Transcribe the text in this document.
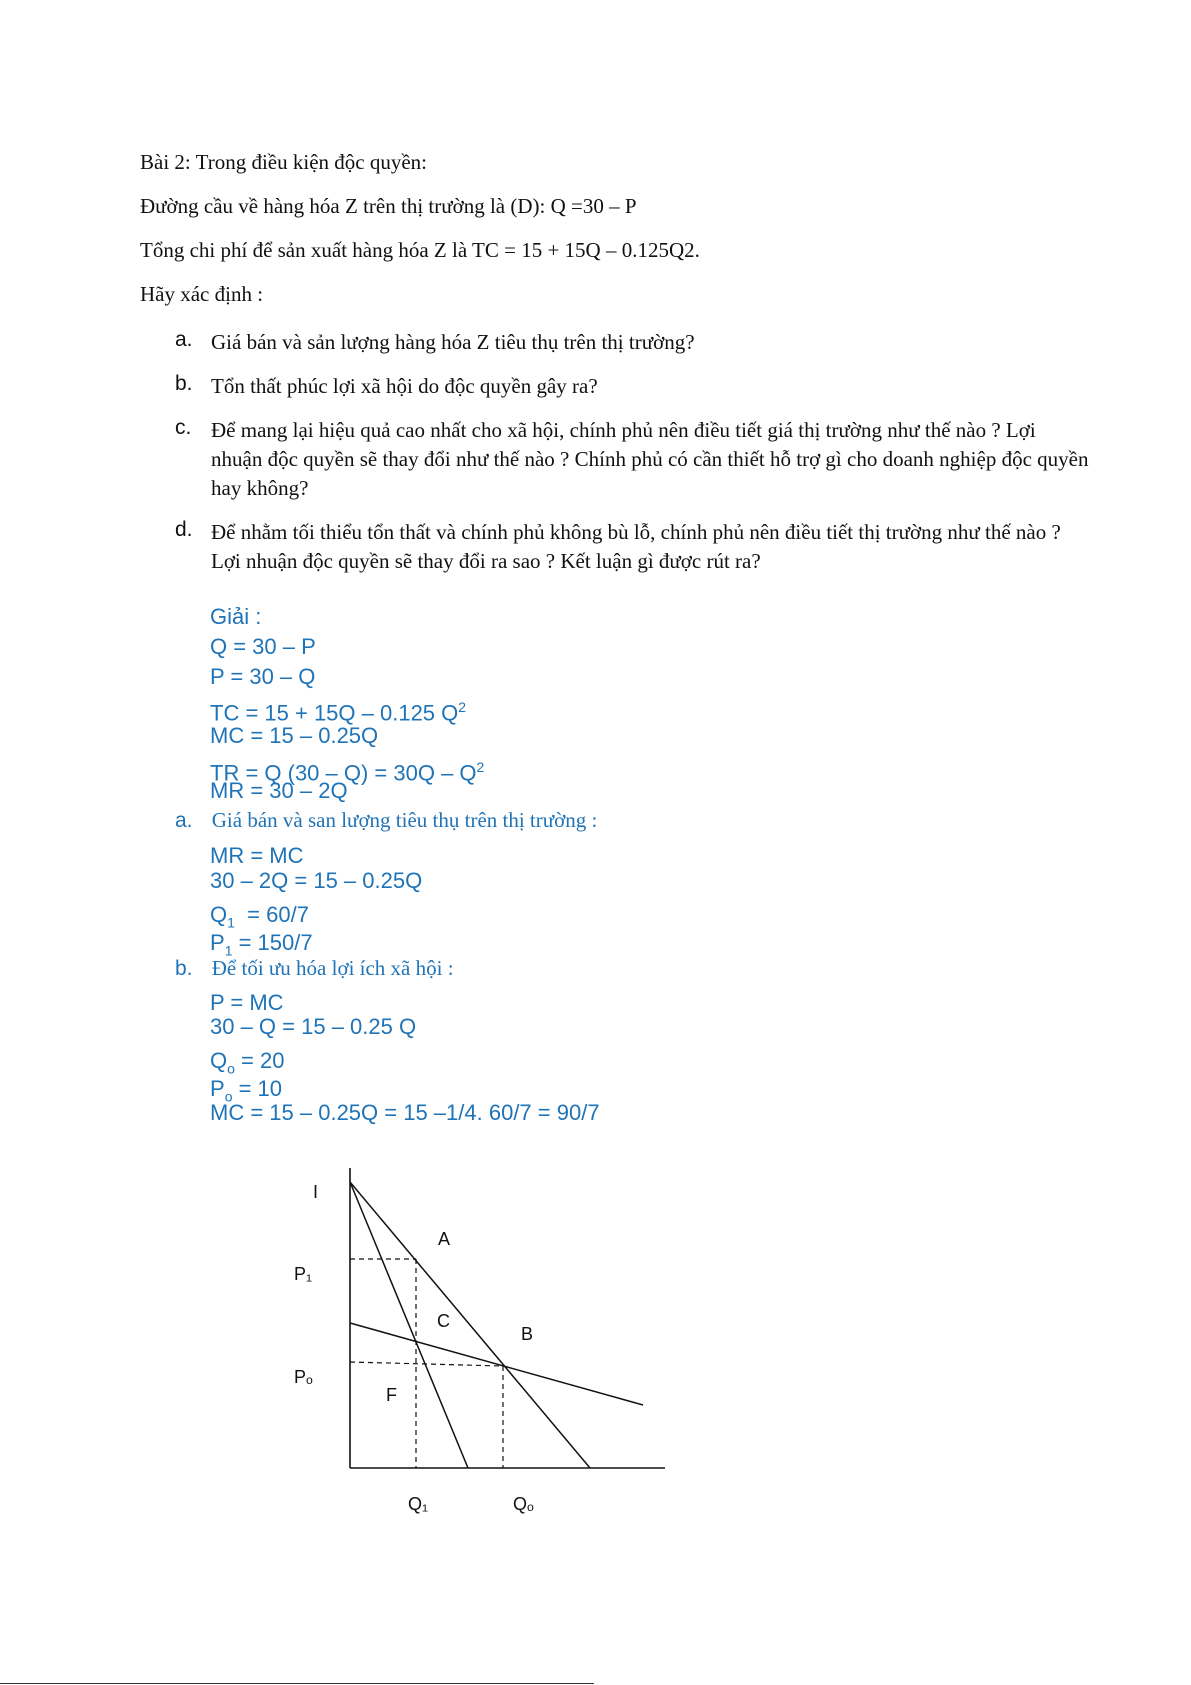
Bài 2: Trong điều kiện độc quyền:
Đường cầu về hàng hóa Z trên thị trường là (D): Q =30 – P
Tổng chi phí để sản xuất hàng hóa Z là TC = 15 + 15Q – 0.125Q2.
Hãy xác định :
a. Giá bán và sản lượng hàng hóa Z tiêu thụ trên thị trường?
b. Tổn thất phúc lợi xã hội do độc quyền gây ra?
c. Để mang lại hiệu quả cao nhất cho xã hội, chính phủ nên điều tiết giá thị trường như thế nào ? Lợi nhuận độc quyền sẽ thay đổi như thế nào ? Chính phủ có cần thiết hỗ trợ gì cho doanh nghiệp độc quyền hay không?
d. Để nhằm tối thiểu tổn thất và chính phủ không bù lỗ, chính phủ nên điều tiết thị trường như thế nào ? Lợi nhuận độc quyền sẽ thay đổi ra sao ? Kết luận gì được rút ra?
Giải :
Q = 30 – P
P = 30 – Q
TC = 15 + 15Q – 0.125 $Q^2$
MC = 15 – 0.25Q
TR = Q $(30 - Q) = 30Q - Q^2$
MR = 30 – 2Q
a. Giá bán và san lượng tiêu thụ trên thị trường :
MR = MC
30 – 2Q = 15 – 0.25Q
$Q_1 = 60/7$
$P_1 = 150/7$
b. Để tối ưu hóa lợi ích xã hội :
P = MC
30 – Q = 15 – 0.25 Q
$Q_o = 20$
$P_o = 10$
MC = 15 – 0.25Q = 15 –1/4. 60/7 = 90/7
I
P₁
Pₒ
Q₁	Qₒ
A
B
C
F
